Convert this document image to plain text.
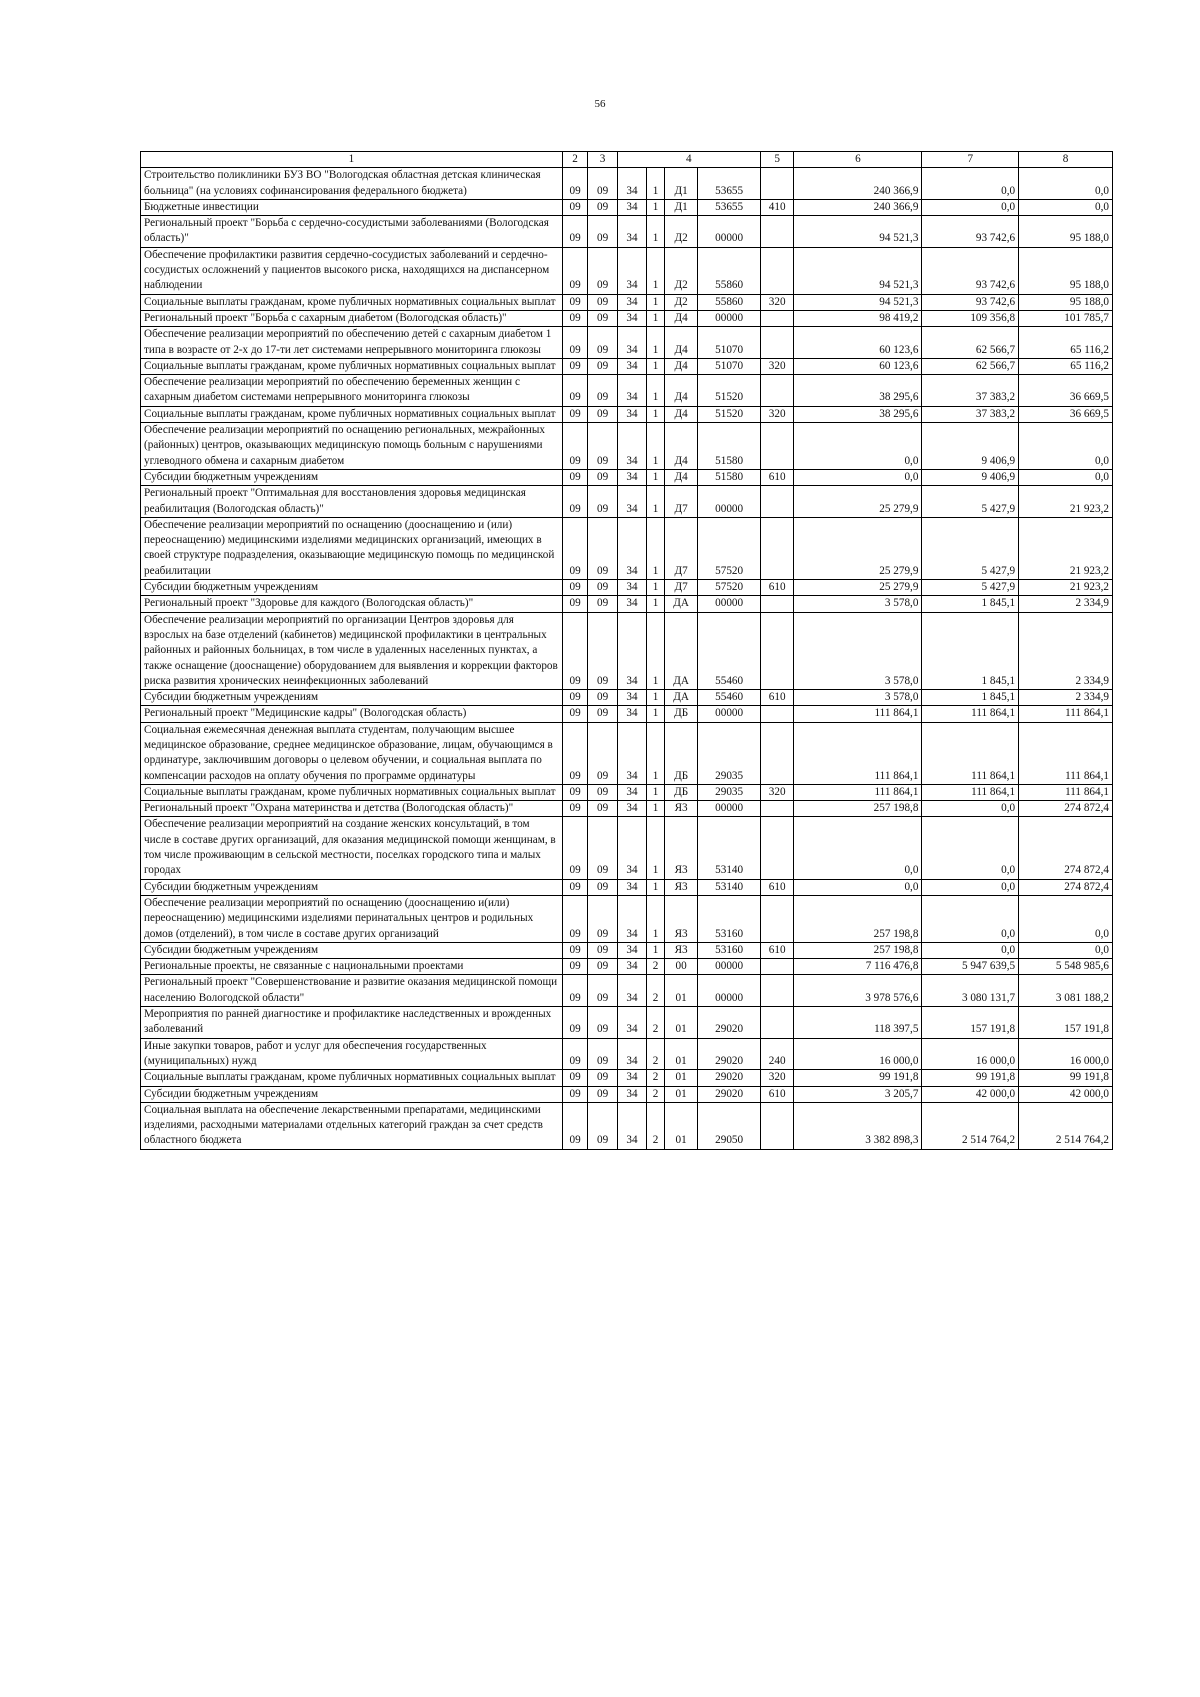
56
1	2	3	4				5	6	7	8
Строительство поликлиники БУЗ ВО "Вологодская областная детская клиническая больница" (на условиях софинансирования федерального бюджета)	09	09	34	1	Д1	53655		240 366,9	0,0	0,0
Бюджетные инвестиции	09	09	34	1	Д1	53655	410	240 366,9	0,0	0,0
Региональный проект "Борьба с сердечно-сосудистыми заболеваниями (Вологодская область)"	09	09	34	1	Д2	00000		94 521,3	93 742,6	95 188,0
Обеспечение профилактики развития сердечно-сосудистых заболеваний и сердечно-сосудистых осложнений у пациентов высокого риска, находящихся на диспансерном наблюдении	09	09	34	1	Д2	55860		94 521,3	93 742,6	95 188,0
Социальные выплаты гражданам, кроме публичных нормативных социальных выплат	09	09	34	1	Д2	55860	320	94 521,3	93 742,6	95 188,0
Региональный проект "Борьба с сахарным диабетом (Вологодская область)"	09	09	34	1	Д4	00000		98 419,2	109 356,8	101 785,7
Обеспечение реализации мероприятий по обеспечению детей с сахарным диабетом 1 типа в возрасте от 2-х до 17-ти лет системами непрерывного мониторинга глюкозы	09	09	34	1	Д4	51070		60 123,6	62 566,7	65 116,2
Социальные выплаты гражданам, кроме публичных нормативных социальных выплат	09	09	34	1	Д4	51070	320	60 123,6	62 566,7	65 116,2
Обеспечение реализации мероприятий по обеспечению беременных женщин с сахарным диабетом системами непрерывного мониторинга глюкозы	09	09	34	1	Д4	51520		38 295,6	37 383,2	36 669,5
Социальные выплаты гражданам, кроме публичных нормативных социальных выплат	09	09	34	1	Д4	51520	320	38 295,6	37 383,2	36 669,5
Обеспечение реализации мероприятий по оснащению региональных, межрайонных (районных) центров, оказывающих медицинскую помощь больным с нарушениями углеводного обмена и сахарным диабетом	09	09	34	1	Д4	51580		0,0	9 406,9	0,0
Субсидии бюджетным учреждениям	09	09	34	1	Д4	51580	610	0,0	9 406,9	0,0
Региональный проект "Оптимальная для восстановления здоровья медицинская реабилитация (Вологодская область)"	09	09	34	1	Д7	00000		25 279,9	5 427,9	21 923,2
Обеспечение реализации мероприятий по оснащению (дооснащению и (или) переоснащению) медицинскими изделиями медицинских организаций, имеющих в своей структуре подразделения, оказывающие медицинскую помощь по медицинской реабилитации	09	09	34	1	Д7	57520		25 279,9	5 427,9	21 923,2
Субсидии бюджетным учреждениям	09	09	34	1	Д7	57520	610	25 279,9	5 427,9	21 923,2
Региональный проект "Здоровье для каждого (Вологодская область)"	09	09	34	1	ДА	00000		3 578,0	1 845,1	2 334,9
Обеспечение реализации мероприятий по организации Центров здоровья для взрослых на базе отделений (кабинетов) медицинской профилактики в центральных районных и районных больницах, в том числе в удаленных населенных пунктах, а также оснащение (дооснащение) оборудованием для выявления и коррекции факторов риска развития хронических неинфекционных заболеваний	09	09	34	1	ДА	55460		3 578,0	1 845,1	2 334,9
Субсидии бюджетным учреждениям	09	09	34	1	ДА	55460	610	3 578,0	1 845,1	2 334,9
Региональный проект "Медицинские кадры" (Вологодская область)	09	09	34	1	ДБ	00000		111 864,1	111 864,1	111 864,1
Социальная ежемесячная денежная выплата студентам, получающим высшее медицинское образование, среднее медицинское образование, лицам, обучающимся в ординатуре, заключившим договоры о целевом обучении, и социальная выплата по компенсации расходов на оплату обучения по программе ординатуры	09	09	34	1	ДБ	29035		111 864,1	111 864,1	111 864,1
Социальные выплаты гражданам, кроме публичных нормативных социальных выплат	09	09	34	1	ДБ	29035	320	111 864,1	111 864,1	111 864,1
Региональный проект "Охрана материнства и детства (Вологодская область)"	09	09	34	1	Я3	00000		257 198,8	0,0	274 872,4
Обеспечение реализации мероприятий на создание женских консультаций, в том числе в составе других организаций, для оказания медицинской помощи женщинам, в том числе проживающим в сельской местности, поселках городского типа и малых городах	09	09	34	1	Я3	53140		0,0	0,0	274 872,4
Субсидии бюджетным учреждениям	09	09	34	1	Я3	53140	610	0,0	0,0	274 872,4
Обеспечение реализации мероприятий по оснащению (дооснащению и(или) переоснащению) медицинскими изделиями перинатальных центров и родильных домов (отделений), в том числе в составе других организаций	09	09	34	1	Я3	53160		257 198,8	0,0	0,0
Субсидии бюджетным учреждениям	09	09	34	1	Я3	53160	610	257 198,8	0,0	0,0
Региональные проекты, не связанные с национальными проектами	09	09	34	2	00	00000		7 116 476,8	5 947 639,5	5 548 985,6
Региональный проект "Совершенствование и развитие оказания медицинской помощи населению Вологодской области"	09	09	34	2	01	00000		3 978 576,6	3 080 131,7	3 081 188,2
Мероприятия по ранней диагностике и профилактике наследственных и врожденных заболеваний	09	09	34	2	01	29020		118 397,5	157 191,8	157 191,8
Иные закупки товаров, работ и услуг для обеспечения государственных (муниципальных) нужд	09	09	34	2	01	29020	240	16 000,0	16 000,0	16 000,0
Социальные выплаты гражданам, кроме публичных нормативных социальных выплат	09	09	34	2	01	29020	320	99 191,8	99 191,8	99 191,8
Субсидии бюджетным учреждениям	09	09	34	2	01	29020	610	3 205,7	42 000,0	42 000,0
Социальная выплата на обеспечение лекарственными препаратами, медицинскими изделиями, расходными материалами отдельных категорий граждан за счет средств областного бюджета	09	09	34	2	01	29050		3 382 898,3	2 514 764,2	2 514 764,2
